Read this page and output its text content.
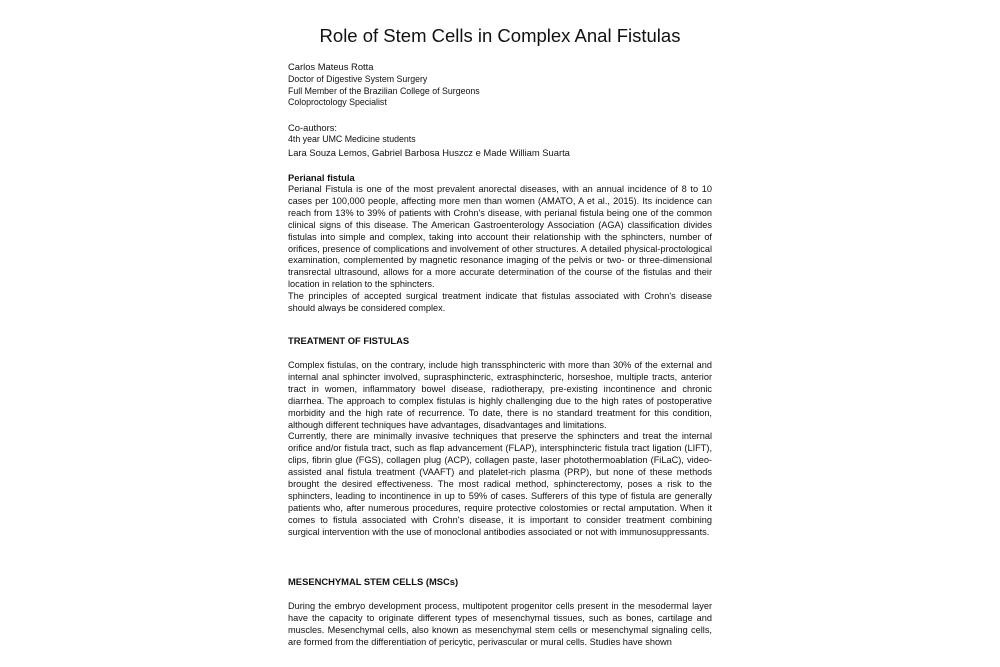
Role of Stem Cells in Complex Anal Fistulas
Carlos Mateus Rotta
Doctor of Digestive System Surgery
Full Member of the Brazilian College of Surgeons
Coloproctology Specialist
Co-authors:
4th year UMC Medicine students
Lara Souza Lemos, Gabriel Barbosa Huszcz e Made William Suarta
Perianal fistula

Perianal Fistula is one of the most prevalent anorectal diseases, with an annual incidence of 8 to 10 cases per 100,000 people, affecting more men than women (AMATO, A et al., 2015). Its incidence can reach from 13% to 39% of patients with Crohn's disease, with perianal fistula being one of the common clinical signs of this disease. The American Gastroenterology Association (AGA) classification divides fistulas into simple and complex, taking into account their relationship with the sphincters, number of orifices, presence of complications and involvement of other structures. A detailed physical-proctological examination, complemented by magnetic resonance imaging of the pelvis or two- or three-dimensional transrectal ultrasound, allows for a more accurate determination of the course of the fistulas and their location in relation to the sphincters.

The principles of accepted surgical treatment indicate that fistulas associated with Crohn's disease should always be considered complex.

TREATMENT OF FISTULAS

Complex fistulas, on the contrary, include high transsphincteric with more than 30% of the external and internal anal sphincter involved, suprasphincteric, extrasphincteric, horseshoe, multiple tracts, anterior tract in women, inflammatory bowel disease, radiotherapy, pre-existing incontinence and chronic diarrhea. The approach to complex fistulas is highly challenging due to the high rates of postoperative morbidity and the high rate of recurrence. To date, there is no standard treatment for this condition, although different techniques have advantages, disadvantages and limitations.

Currently, there are minimally invasive techniques that preserve the sphincters and treat the internal orifice and/or fistula tract, such as flap advancement (FLAP), intersphincteric fistula tract ligation (LIFT), clips, fibrin glue (FGS), collagen plug (ACP), collagen paste, laser photothermoablation (FiLaC), video-assisted anal fistula treatment (VAAFT) and platelet-rich plasma (PRP), but none of these methods brought the desired effectiveness. The most radical method, sphincterectomy, poses a risk to the sphincters, leading to incontinence in up to 59% of cases. Sufferers of this type of fistula are generally patients who, after numerous procedures, require protective colostomies or rectal amputation. When it comes to fistula associated with Crohn's disease, it is important to consider treatment combining surgical intervention with the use of monoclonal antibodies associated or not with immunosuppressants.

MESENCHYMAL STEM CELLS (MSCs)

During the embryo development process, multipotent progenitor cells present in the mesodermal layer have the capacity to originate different types of mesenchymal tissues, such as bones, cartilage and muscles. Mesenchymal cells, also known as mesenchymal stem cells or mesenchymal signaling cells, are formed from the differentiation of pericytic, perivascular or mural cells. Studies have shown
